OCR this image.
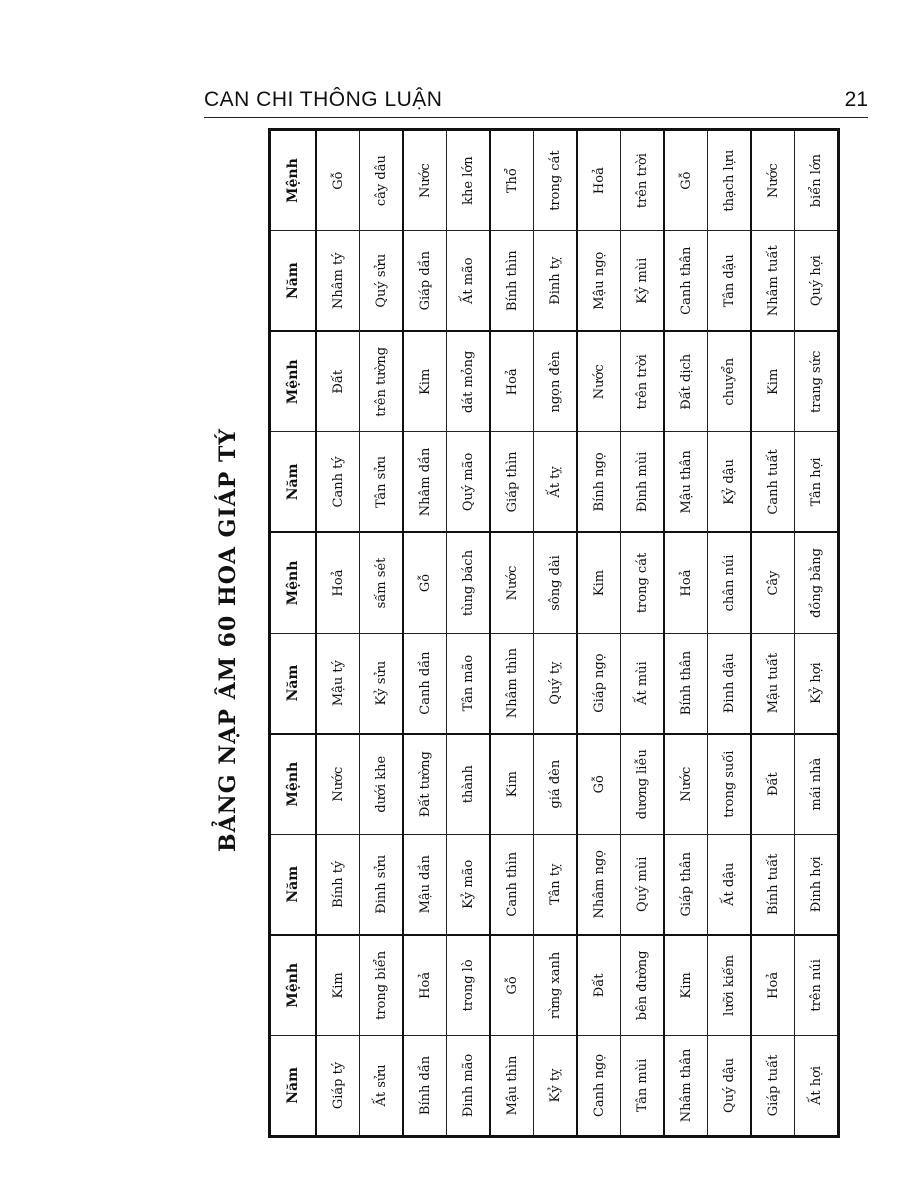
CAN CHI THÔNG LUẬN	21
BẢNG NẠP ÂM 60 HOA GIÁP TÝ
Năm
Mệnh
Năm
Mệnh
Năm
Mệnh
Năm
Mệnh
Năm
Mệnh
Giáp tý
Kim
Bính tý
Nước
Mậu tý
Hoả
Canh tý
Đất
Nhâm tý
Gỗ
Ất sửu
trong biển
Đinh sửu
dưới khe
Kỷ sửu
sấm sét
Tân sửu
trên tường
Quý sửu
cây dâu
Bính dần
Hoả
Mậu dần
Đất tường
Canh dần
Gỗ
Nhâm dần
Kim
Giáp dần
Nước
Đinh mão
trong lò
Kỷ mão
thành
Tân mão
tùng bách
Quý mão
dát mỏng
Ất mão
khe lớn
Mậu thìn
Gỗ
Canh thìn
Kim
Nhâm thìn
Nước
Giáp thìn
Hoả
Bính thìn
Thổ
Kỷ tỵ
rừng xanh
Tân tỵ
giá đèn
Quý tỵ
sông dài
Ất tỵ
ngọn đèn
Đinh tỵ
trong cát
Canh ngọ
Đất
Nhâm ngọ
Gỗ
Giáp ngọ
Kim
Bính ngọ
Nước
Mậu ngọ
Hoả
Tân mùi
bên đường
Quý mùi
dương liễu
Ất mùi
trong cát
Đinh mùi
trên trời
Kỷ mùi
trên trời
Nhâm thân
Kim
Giáp thân
Nước
Bính thân
Hoả
Mậu thân
Đất dịch
Canh thân
Gỗ
Quý dậu
lưỡi kiếm
Ất dậu
trong suối
Đinh dậu
chân núi
Kỷ dậu
chuyển
Tân dậu
thạch lựu
Giáp tuất
Hoả
Bính tuất
Đất
Mậu tuất
Cây
Canh tuất
Kim
Nhâm tuất
Nước
Ất hợi
trên núi
Đinh hợi
mái nhà
Kỷ hợi
đồng bằng
Tân hợi
trang sức
Quý hợi
biển lớn
